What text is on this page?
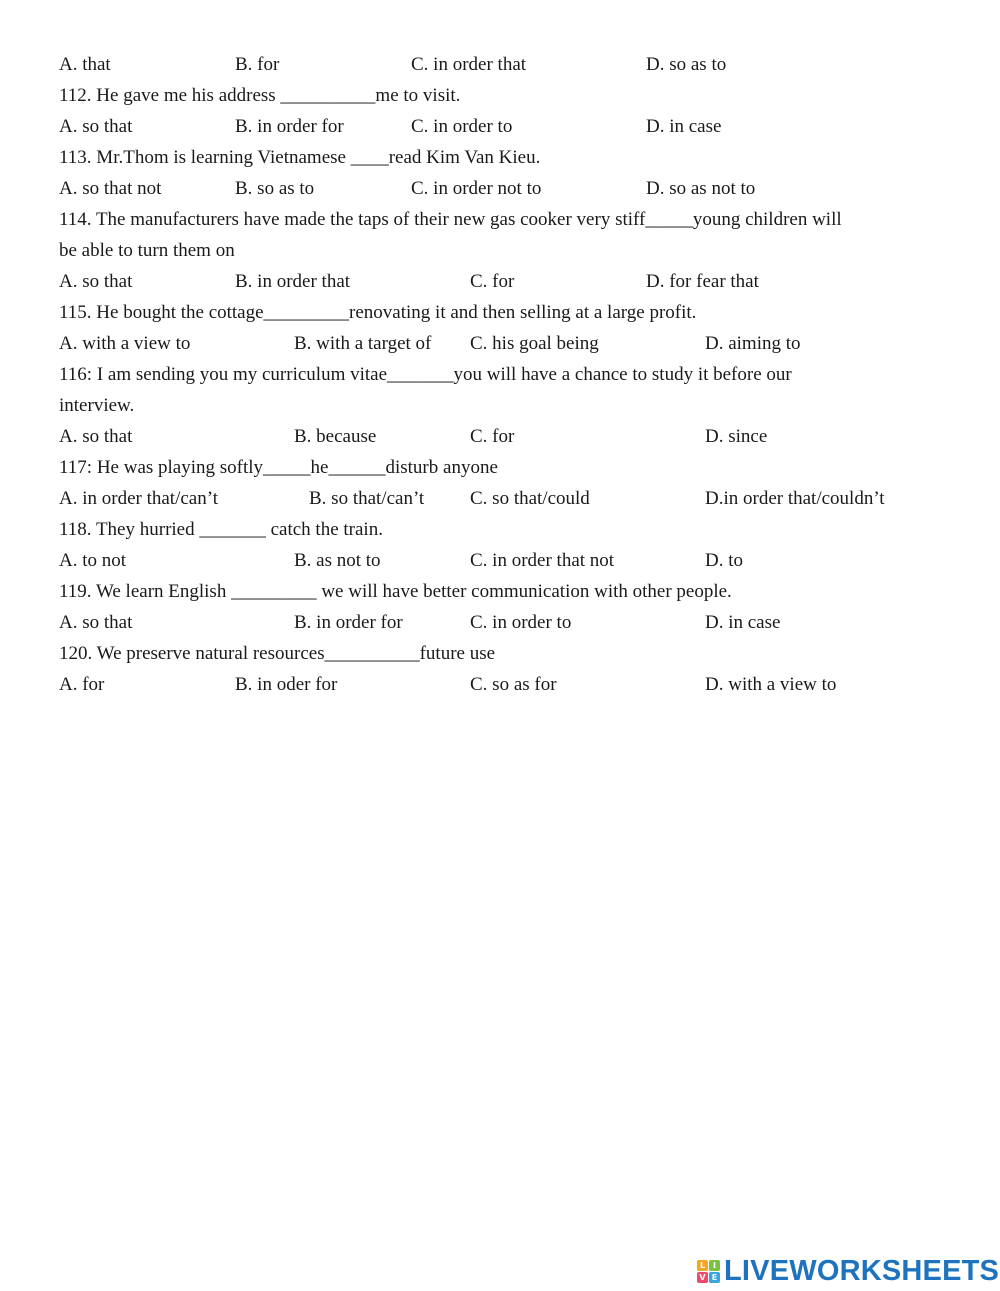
A. that	B. for	C. in order that	D. so as to

112. He gave me his address __________me to visit.

A. so that	B. in order for	C. in order to	D. in case

113. Mr.Thom is learning Vietnamese ____read Kim Van Kieu.

A. so that not	B. so as to	C. in order not to	D. so as not to

114. The manufacturers have made the taps of their new gas cooker very stiff_____young children will

be able to turn them on

A. so that	B. in order that	C. for	D. for fear that

115. He bought the cottage_________renovating it and then selling at a large profit.

A. with a view to	B. with a target of C. his goal being	D. aiming to

116: I am sending you my curriculum vitae_______you will have a chance to study it before our

interview.

A. so that	B. because	C. for	D. since

117: He was playing softly_____he______disturb anyone

A. in order that/can’t	B. so that/can’t C. so that/could	D.in order that/couldn’t

118. They hurried _______ catch the train.

A. to not	B. as not to	C. in order that not	D. to

119. We learn English _________ we will have better communication with other people.

A. so that	B. in order for	C. in order to	D. in case

120. We preserve natural resources__________future use

A. for	B. in oder for	C. so as for	D. with a view to
L I
V E LIVEWORKSHEETS
